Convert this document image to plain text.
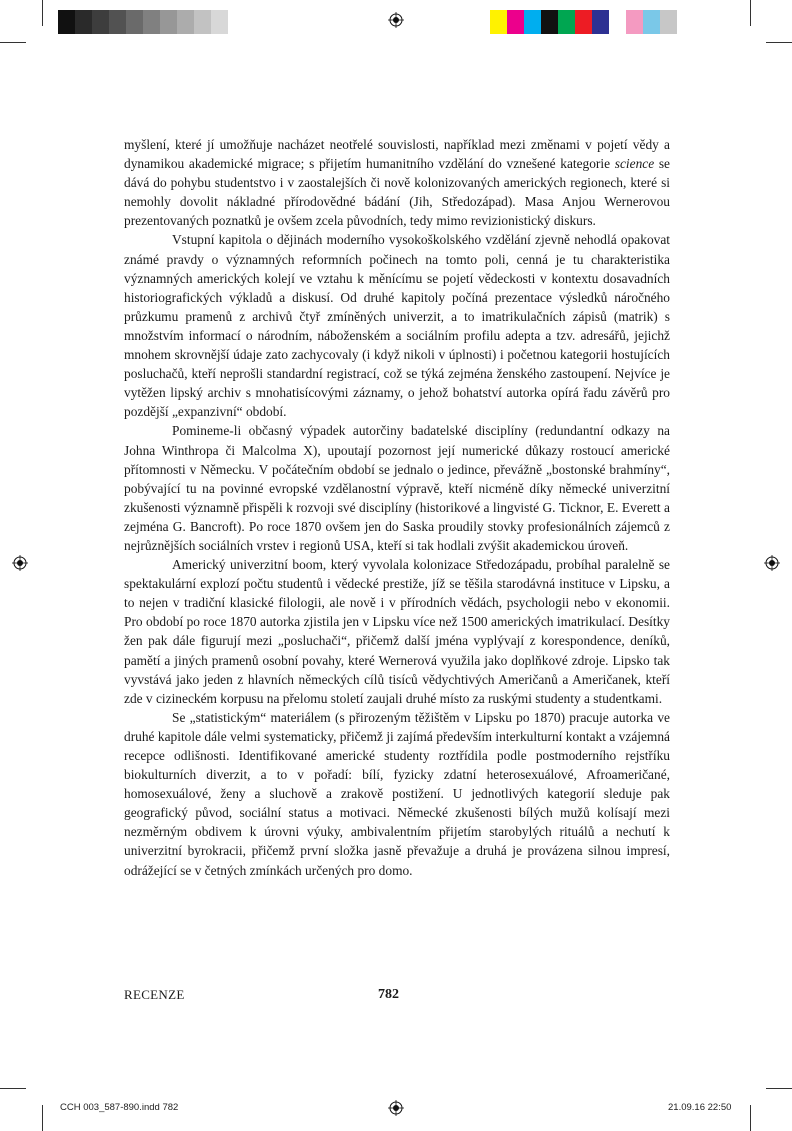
myšlení, které jí umožňuje nacházet neotřelé souvislosti, například mezi změnami v pojetí vědy a dynamikou akademické migrace; s přijetím humanitního vzdělání do vznešené kategorie science se dává do pohybu studentstvo i v zaostalejších či nově kolonizovaných amerických regionech, které si nemohly dovolit nákladné přírodovědné bádání (Jih, Středozápad). Masa Anjou Wernerovou prezentovaných poznatků je ovšem zcela původních, tedy mimo revizionistický diskurs.

Vstupní kapitola o dějinách moderního vysokoškolského vzdělání zjevně nehodlá opakovat známé pravdy o významných reformních počinech na tomto poli, cenná je tu charakteristika významných amerických kolejí ve vztahu k měnícímu se pojetí vědeckosti v kontextu dosavadních historiografických výkladů a diskusí. Od druhé kapitoly počíná prezentace výsledků náročného průzkumu pramenů z archivů čtyř zmíněných univerzit, a to imatrikulačních zápisů (matrik) s množstvím informací o národním, náboženském a sociálním profilu adepta a tzv. adresářů, jejichž mnohem skrovnější údaje zato zachycovaly (i když nikoli v úplnosti) i početnou kategorii hostujících posluchačů, kteří neprošli standardní registrací, což se týká zejména ženského zastoupení. Nejvíce je vytěžen lipský archiv s mnohatisícovými záznamy, o jehož bohatství autorka opírá řadu závěrů pro pozdější „expanzivní“ období.

Pomineme-li občasný výpadek autorčiny badatelské disciplíny (redundantní odkazy na Johna Winthropa či Malcolma X), upoutají pozornost její numerické důkazy rostoucí americké přítomnosti v Německu. V počátečním období se jednalo o jedince, převážně „bostonské brahmíny“, pobývající tu na povinné evropské vzdělanostní výpravě, kteří nicméně díky německé univerzitní zkušenosti významně přispěli k rozvoji své disciplíny (historikové a lingvisté G. Ticknor, E. Everett a zejména G. Bancroft). Po roce 1870 ovšem jen do Saska proudily stovky profesionálních zájemců z nejrůznějších sociálních vrstev i regionů USA, kteří si tak hodlali zvýšit akademickou úroveň.

Americký univerzitní boom, který vyvolala kolonizace Středozápadu, probíhal paralelně se spektakulární explozí počtu studentů i vědecké prestiže, jíž se těšila starodávná instituce v Lipsku, a to nejen v tradiční klasické filologii, ale nově i v přírodních vědách, psychologii nebo v ekonomii. Pro období po roce 1870 autorka zjistila jen v Lipsku více než 1500 amerických imatrikulací. Desítky žen pak dále figurují mezi „posluchači“, přičemž další jména vyplývají z korespondence, deníků, pamětí a jiných pramenů osobní povahy, které Wernerová využila jako doplňkové zdroje. Lipsko tak vyvstává jako jeden z hlavních německých cílů tisíců vědychtivých Američanů a Američanek, kteří zde v cizineckém korpusu na přelomu století zaujali druhé místo za ruskými studenty a studentkami.

Se „statistickým“ materiálem (s přirozeným těžištěm v Lipsku po 1870) pracuje autorka ve druhé kapitole dále velmi systematicky, přičemž ji zajímá především interkulturní kontakt a vzájemná recepce odlišnosti. Identifikované americké studenty roztřídila podle postmoderního rejstříku biokulturních diverzit, a to v pořadí: bílí, fyzicky zdatní heterosexuálové, Afroameričané, homosexuálové, ženy a sluchově a zrakově postižení. U jednotlivých kategorií sleduje pak geografický původ, sociální status a motivaci. Německé zkušenosti bílých mužů kolísají mezi nezměrným obdivem k úrovni výuky, ambivalentním přijetím starobylých rituálů a nechutí k univerzitní byrokracii, přičemž první složka jasně převažuje a druhá je provázena silnou impresí, odrážející se v četných zmínkách určených pro domo.

RECENZE	782
CCH 003_587-890.indd 782	21.09.16 22:50
